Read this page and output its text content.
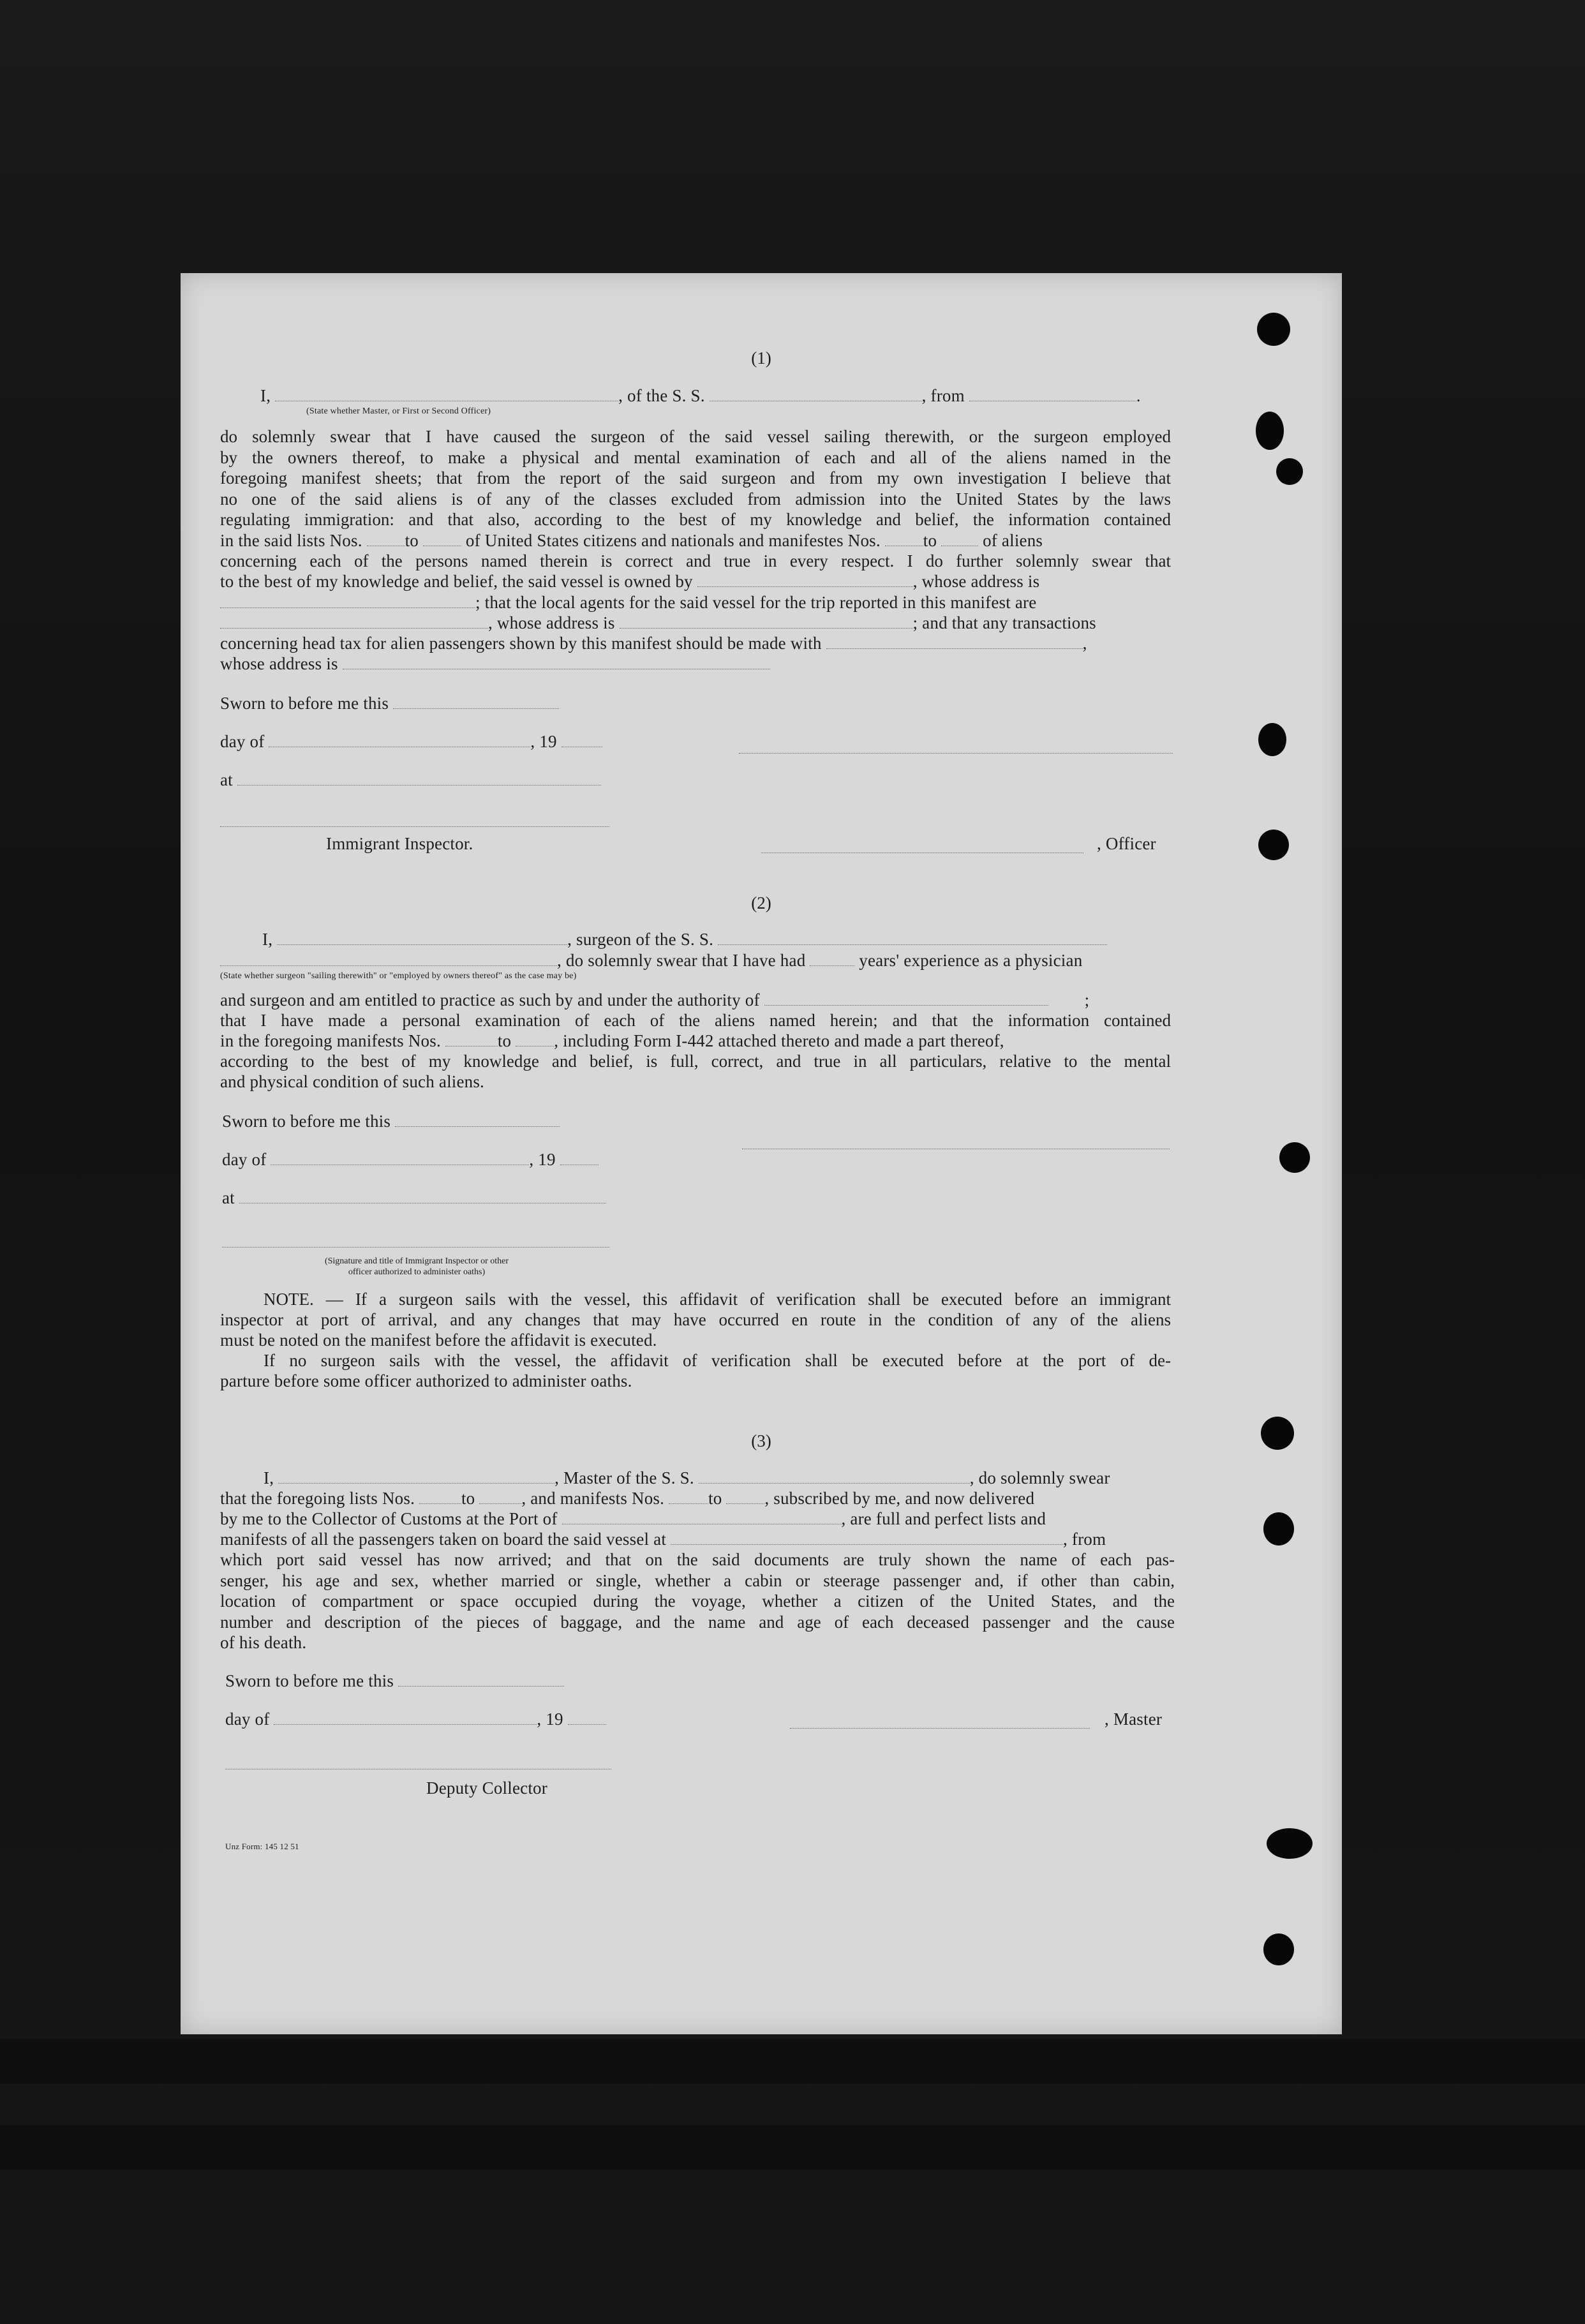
(1)
I,	, of the S. S.	, from	.
(State whether Master, or First or Second Officer)
do solemnly swear that I have caused the surgeon of the said vessel sailing therewith, or the surgeon employed
by the owners thereof, to make a physical and mental examination of each and all of the aliens named in the
foregoing manifest sheets; that from the report of the said surgeon and from my own investigation I believe that
no one of the said aliens is of any of the classes excluded from admission into the United States by the laws
regulating immigration: and that also, according to the best of my knowledge and belief, the information contained
in the said lists Nos. to	of United States citizens and nationals and manifestes Nos. to	of aliens
concerning each of the persons named therein is correct and true in every respect. I do further solemnly swear that
to the best of my knowledge and belief, the said vessel is owned by	, whose address is
; that the local agents for the said vessel for the trip reported in this manifest are
, whose address is	; and that any transactions
concerning head tax for alien passengers shown by this manifest should be made with	,
whose address is
Sworn to before me this
day of	, 19
at
Immigrant Inspector.	, Officer
(2)
I,	, surgeon of the S. S.
, do solemnly swear that I have had	years' experience as a physician
(State whether surgeon "sailing therewith" or "employed by owners thereof" as the case may be)
and surgeon and am entitled to practice as such by and under the authority of	;
that I have made a personal examination of each of the aliens named herein; and that the information contained
in the foregoing manifests Nos.	to , including Form I-442 attached thereto and made a part thereof,
according to the best of my knowledge and belief, is full, correct, and true in all particulars, relative to the mental
and physical condition of such aliens.
Sworn to before me this
day of	, 19
at
(Signature and title of Immigrant Inspector or other
officer authorized to administer oaths)
NOTE. — If a surgeon sails with the vessel, this affidavit of verification shall be executed before an immigrant
inspector at port of arrival, and any changes that may have occurred en route in the condition of any of the aliens
must be noted on the manifest before the affidavit is executed.
If no surgeon sails with the vessel, the affidavit of verification shall be executed before at the port of de-
parture before some officer authorized to administer oaths.
(3)
I,	, Master of the S. S.	, do solemnly swear
that the foregoing lists Nos.	to	, and manifests Nos.	to , subscribed by me, and now delivered
by me to the Collector of Customs at the Port of	, are full and perfect lists and
manifests of all the passengers taken on board the said vessel at	, from
which port said vessel has now arrived; and that on the said documents are truly shown the name of each pas-
senger, his age and sex, whether married or single, whether a cabin or steerage passenger and, if other than cabin,
location of compartment or space occupied during the voyage, whether a citizen of the United States, and the
number and description of the pieces of baggage, and the name and age of each deceased passenger and the cause
of his death.
Sworn to before me this
day of	, 19	, Master
Deputy Collector
Unz Form: 145 12 51
